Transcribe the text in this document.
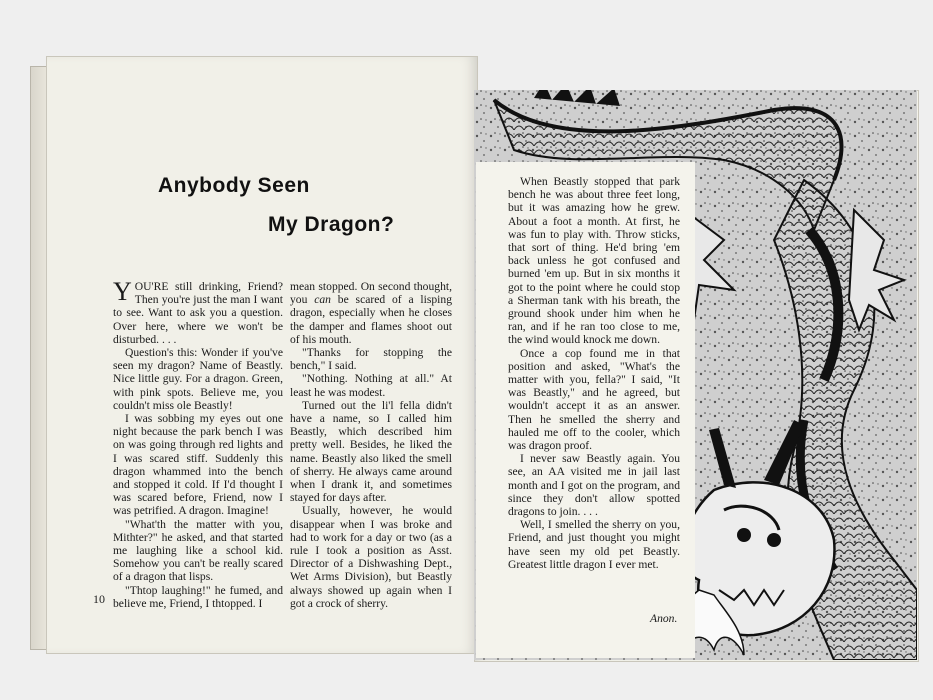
Anybody Seen
My Dragon?

YOU'RE still drinking, Friend? Then you're just the man I want to see. Want to ask you a question. Over here, where we won't be disturbed. . . .

Question's this: Wonder if you've seen my dragon? Name of Beastly. Nice little guy. For a dragon. Green, with pink spots. Believe me, you couldn't miss ole Beastly!

I was sobbing my eyes out one night because the park bench I was on was going through red lights and I was scared stiff. Suddenly this dragon whammed into the bench and stopped it cold. If I'd thought I was scared before, Friend, now I was petrified. A dragon. Imagine!

"What'th the matter with you, Mithter?" he asked, and that started me laughing like a school kid. Somehow you can't be really scared of a dragon that lisps.

"Thtop laughing!" he fumed, and believe me, Friend, I thtopped. I

mean stopped. On second thought, you can be scared of a lisping dragon, especially when he closes the damper and flames shoot out of his mouth.

"Thanks for stopping the bench," I said.

"Nothing. Nothing at all." At least he was modest.

Turned out the li'l fella didn't have a name, so I called him Beastly, which described him pretty well. Besides, he liked the name. Beastly also liked the smell of sherry. He always came around when I drank it, and sometimes stayed for days after.

Usually, however, he would disappear when I was broke and had to work for a day or two (as a rule I took a position as Asst. Director of a Dishwashing Dept., Wet Arms Division), but Beastly always showed up again when I got a crock of sherry.

When Beastly stopped that park bench he was about three feet long, but it was amazing how he grew. About a foot a month. At first, he was fun to play with. Throw sticks, that sort of thing. He'd bring 'em back unless he got confused and burned 'em up. But in six months it got to the point where he could stop a Sherman tank with his breath, the ground shook under him when he ran, and if he ran too close to me, the wind would knock me down.

Once a cop found me in that position and asked, "What's the matter with you, fella?" I said, "It was Beastly," and he agreed, but wouldn't accept it as an answer. Then he smelled the sherry and hauled me off to the cooler, which was dragon proof.

I never saw Beastly again. You see, an AA visited me in jail last month and I got on the program, and since they don't allow spotted dragons to join. . . .

Well, I smelled the sherry on you, Friend, and just thought you might have seen my old pet Beastly. Greatest little dragon I ever met.

Anon.
10
